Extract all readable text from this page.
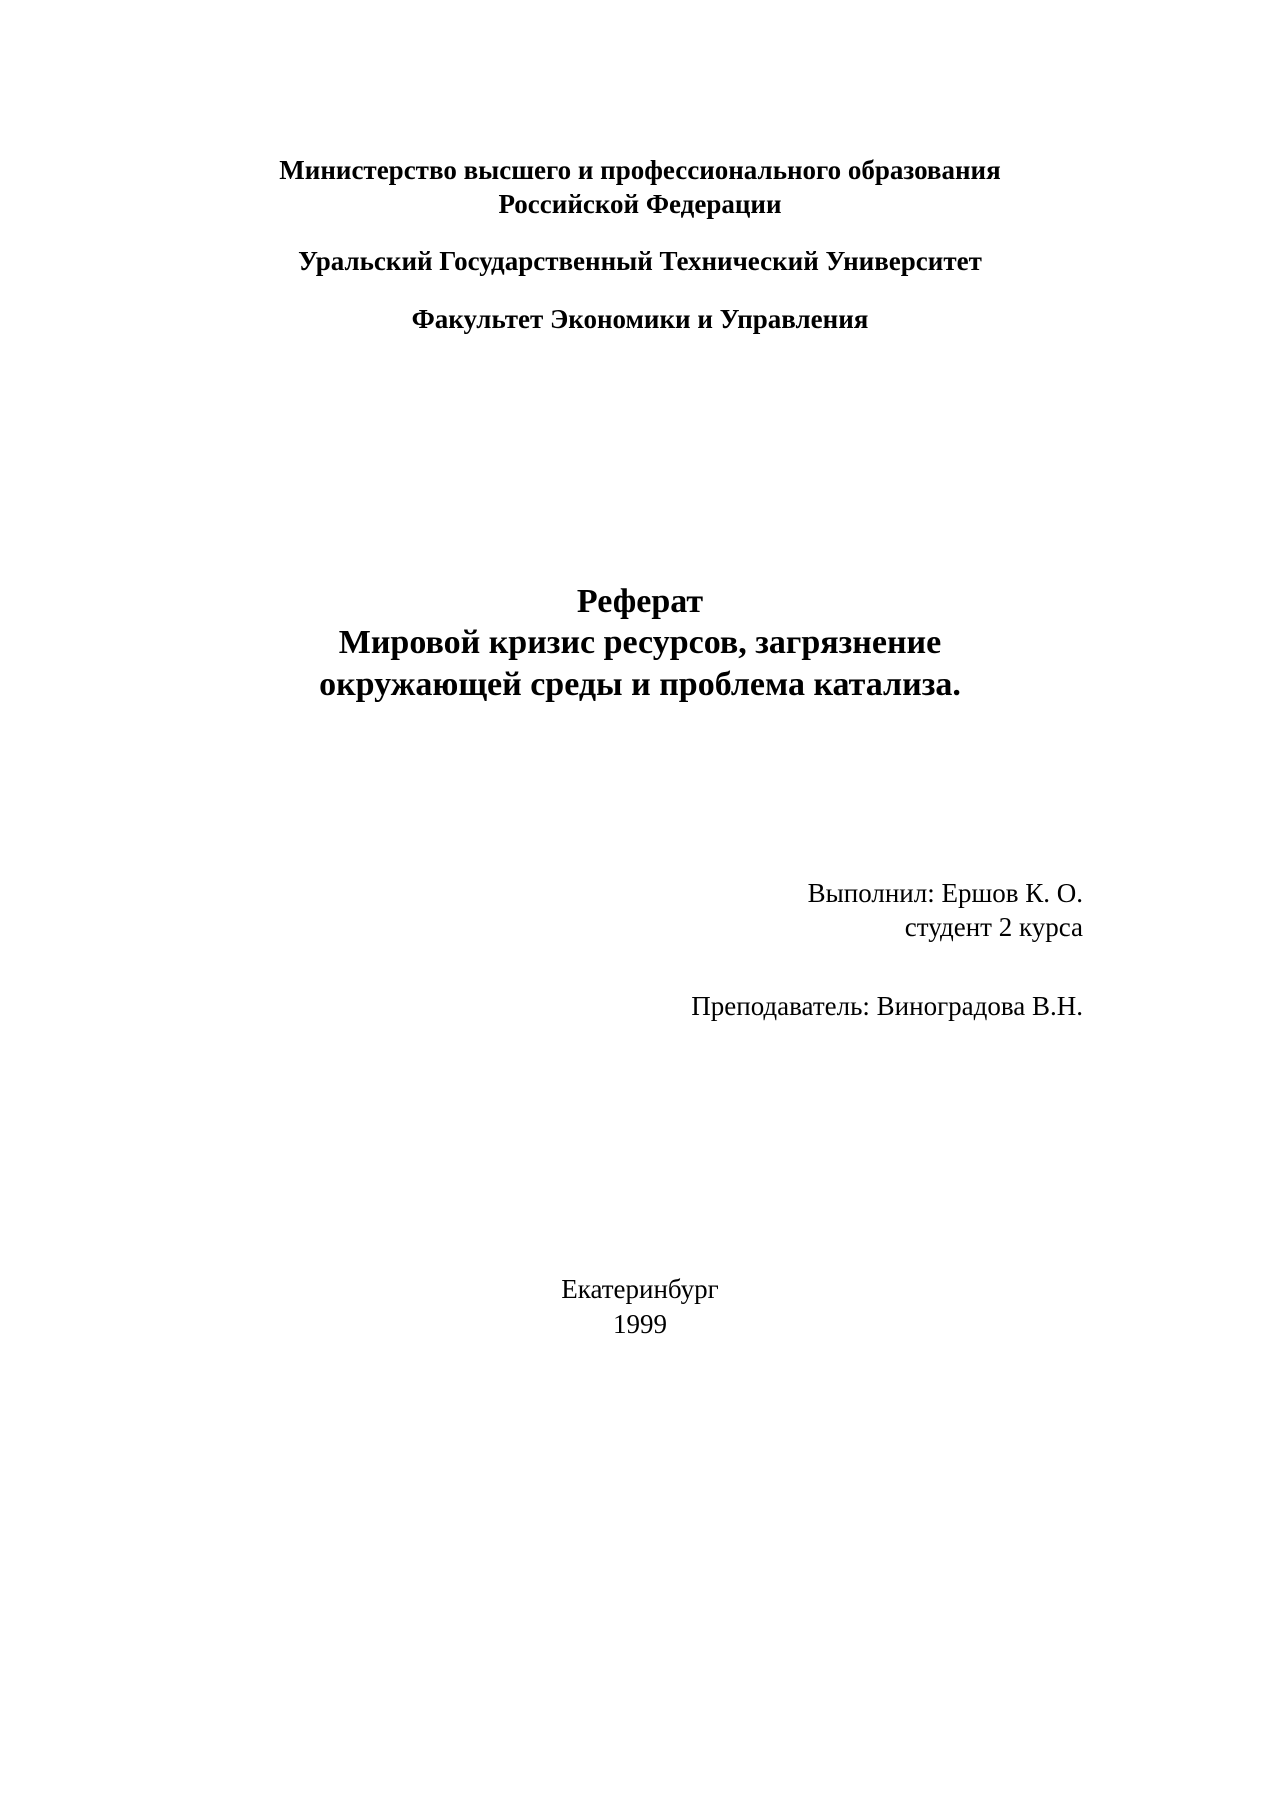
Министерство высшего и профессионального образования
Российской Федерации
Уральский Государственный Технический Университет
Факультет Экономики и Управления
Реферат
Мировой кризис ресурсов, загрязнение
окружающей среды и проблема катализа.
Выполнил: Ершов К. О.
студент 2 курса
Преподаватель: Виноградова В.Н.
Екатеринбург
1999
